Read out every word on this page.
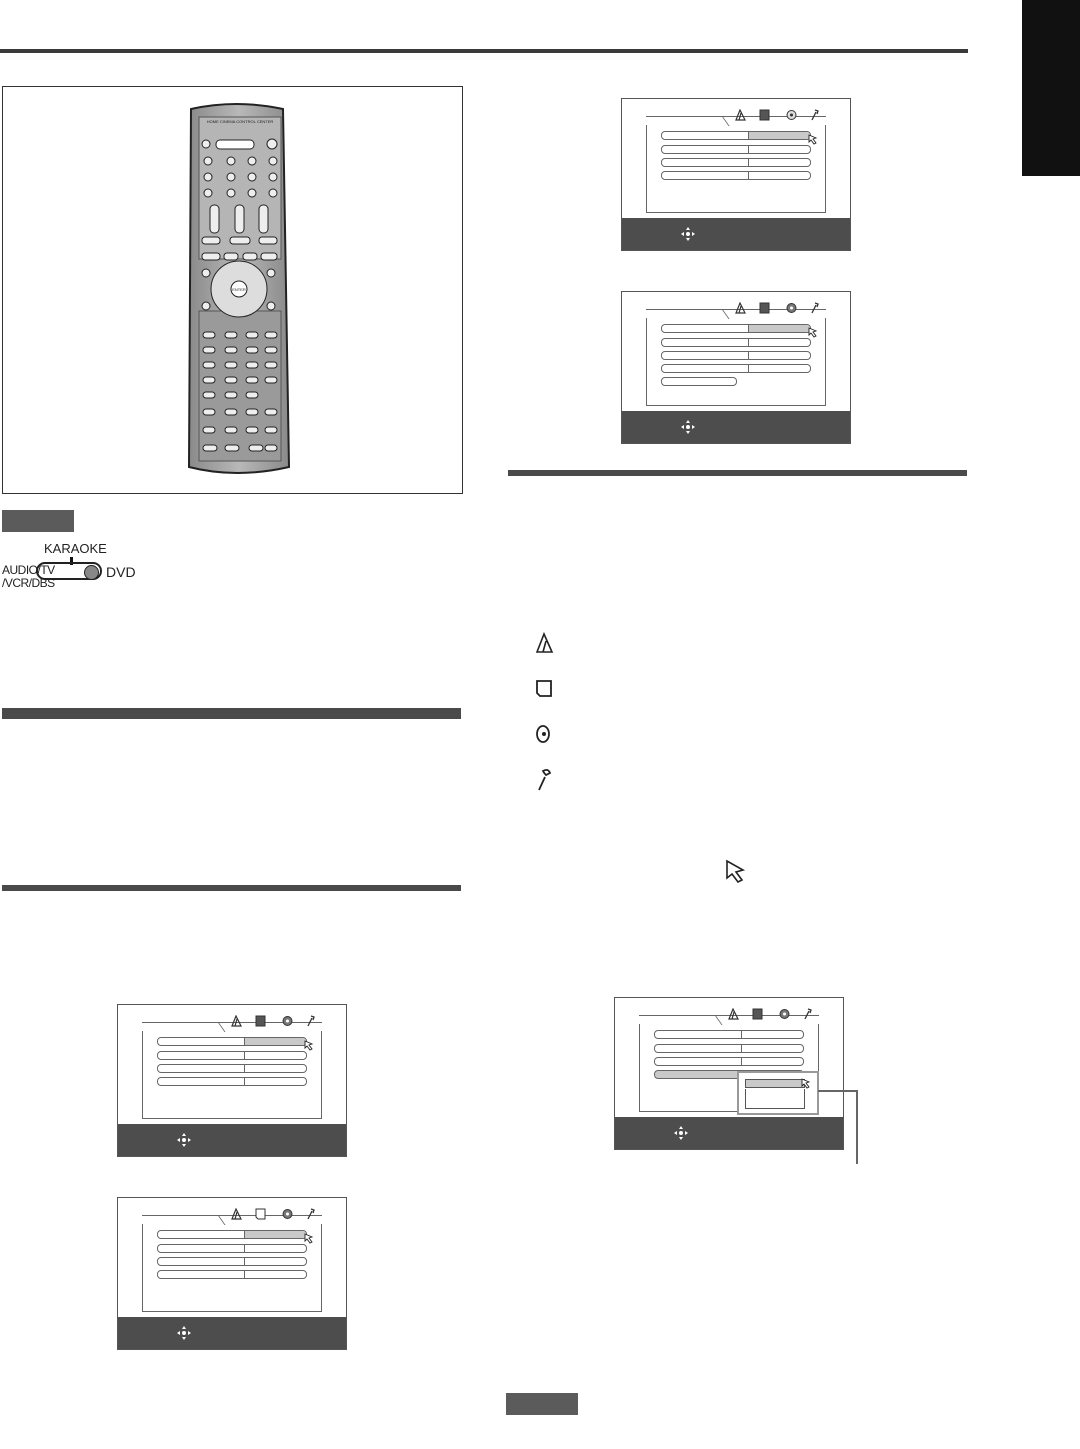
HOME CINEMA CONTROL CENTER
ENTER
KARAOKE
AUDIO/TV
/VCR/DBS
DVD
